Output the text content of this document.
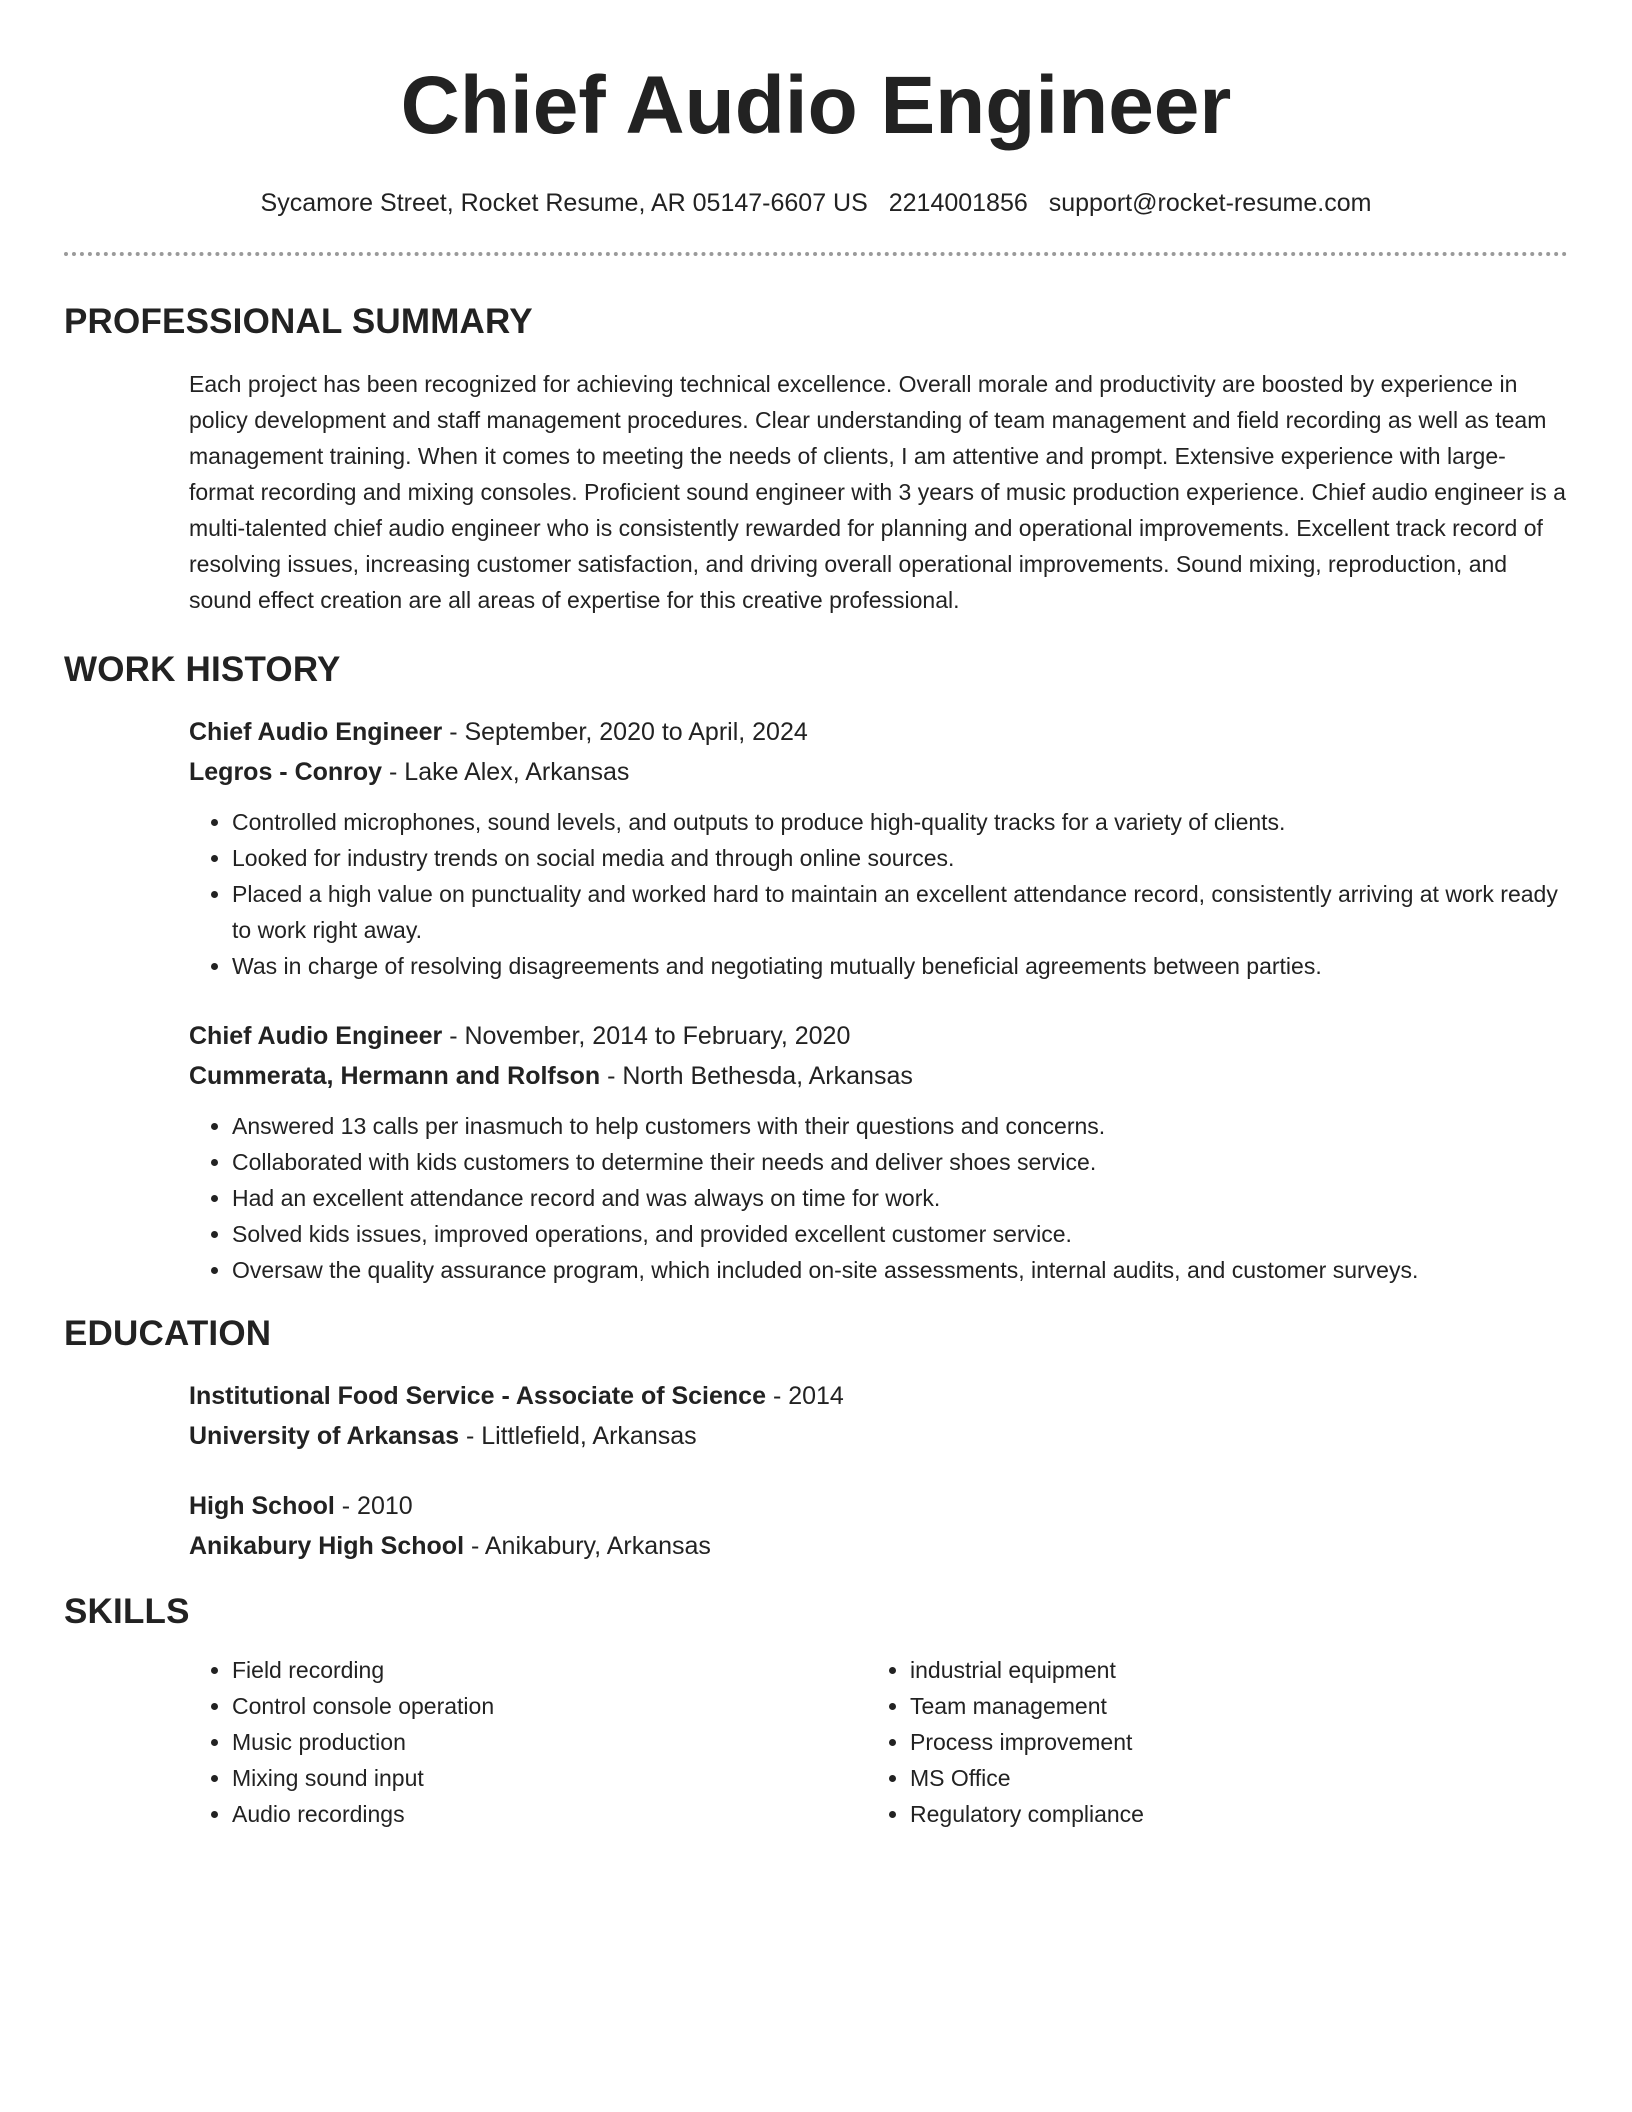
Chief Audio Engineer
Sycamore Street, Rocket Resume, AR 05147-6607 US 2214001856 support@rocket-resume.com
PROFESSIONAL SUMMARY
Each project has been recognized for achieving technical excellence. Overall morale and productivity are boosted by experience in policy development and staff management procedures. Clear understanding of team management and field recording as well as team management training. When it comes to meeting the needs of clients, I am attentive and prompt. Extensive experience with large-format recording and mixing consoles. Proficient sound engineer with 3 years of music production experience. Chief audio engineer is a multi-talented chief audio engineer who is consistently rewarded for planning and operational improvements. Excellent track record of resolving issues, increasing customer satisfaction, and driving overall operational improvements. Sound mixing, reproduction, and sound effect creation are all areas of expertise for this creative professional.
WORK HISTORY
Chief Audio Engineer - September, 2020 to April, 2024
Legros - Conroy - Lake Alex, Arkansas
• Controlled microphones, sound levels, and outputs to produce high-quality tracks for a variety of clients.
• Looked for industry trends on social media and through online sources.
• Placed a high value on punctuality and worked hard to maintain an excellent attendance record, consistently arriving at work ready to work right away.
• Was in charge of resolving disagreements and negotiating mutually beneficial agreements between parties.
Chief Audio Engineer - November, 2014 to February, 2020
Cummerata, Hermann and Rolfson - North Bethesda, Arkansas
• Answered 13 calls per inasmuch to help customers with their questions and concerns.
• Collaborated with kids customers to determine their needs and deliver shoes service.
• Had an excellent attendance record and was always on time for work.
• Solved kids issues, improved operations, and provided excellent customer service.
• Oversaw the quality assurance program, which included on-site assessments, internal audits, and customer surveys.
EDUCATION
Institutional Food Service - Associate of Science - 2014
University of Arkansas - Littlefield, Arkansas
High School - 2010
Anikabury High School - Anikabury, Arkansas
SKILLS
• Field recording
• Control console operation
• Music production
• Mixing sound input
• Audio recordings
• industrial equipment
• Team management
• Process improvement
• MS Office
• Regulatory compliance
